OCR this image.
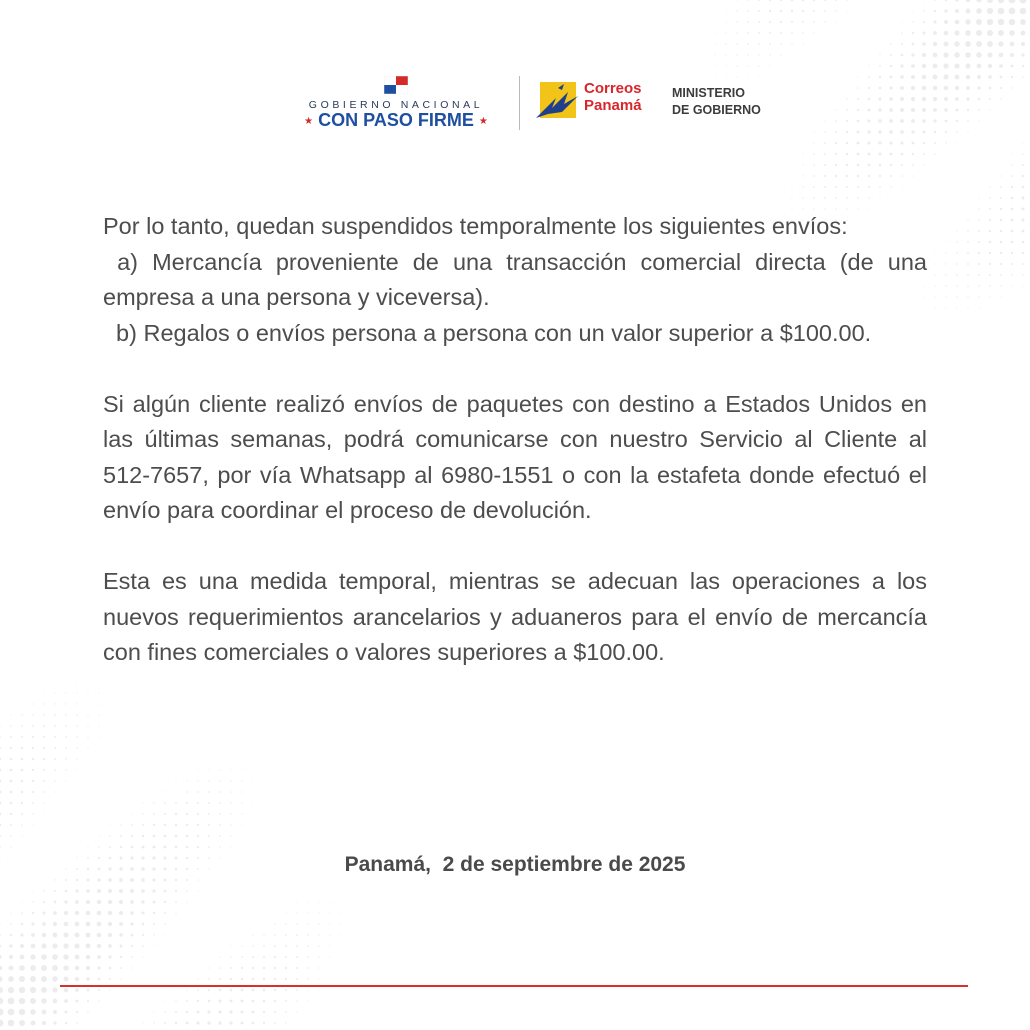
GOBIERNO NACIONAL
★ CON PASO FIRME ★
Correos
Panamá
MINISTERIO
DE GOBIERNO

Por lo tanto, quedan suspendidos temporalmente los siguientes envíos:

a) Mercancía proveniente de una transacción comercial directa (de una empresa a una persona y viceversa).

b) Regalos o envíos persona a persona con un valor superior a $100.00.

Si algún cliente realizó envíos de paquetes con destino a Estados Unidos en las últimas semanas, podrá comunicarse con nuestro Servicio al Cliente al 512-7657, por vía Whatsapp al 6980-1551 o con la estafeta donde efectuó el envío para coordinar el proceso de devolución.

Esta es una medida temporal, mientras se adecuan las operaciones a los nuevos requerimientos arancelarios y aduaneros para el envío de mercancía con fines comerciales o valores superiores a $100.00.

Panamá,  2 de septiembre de 2025
